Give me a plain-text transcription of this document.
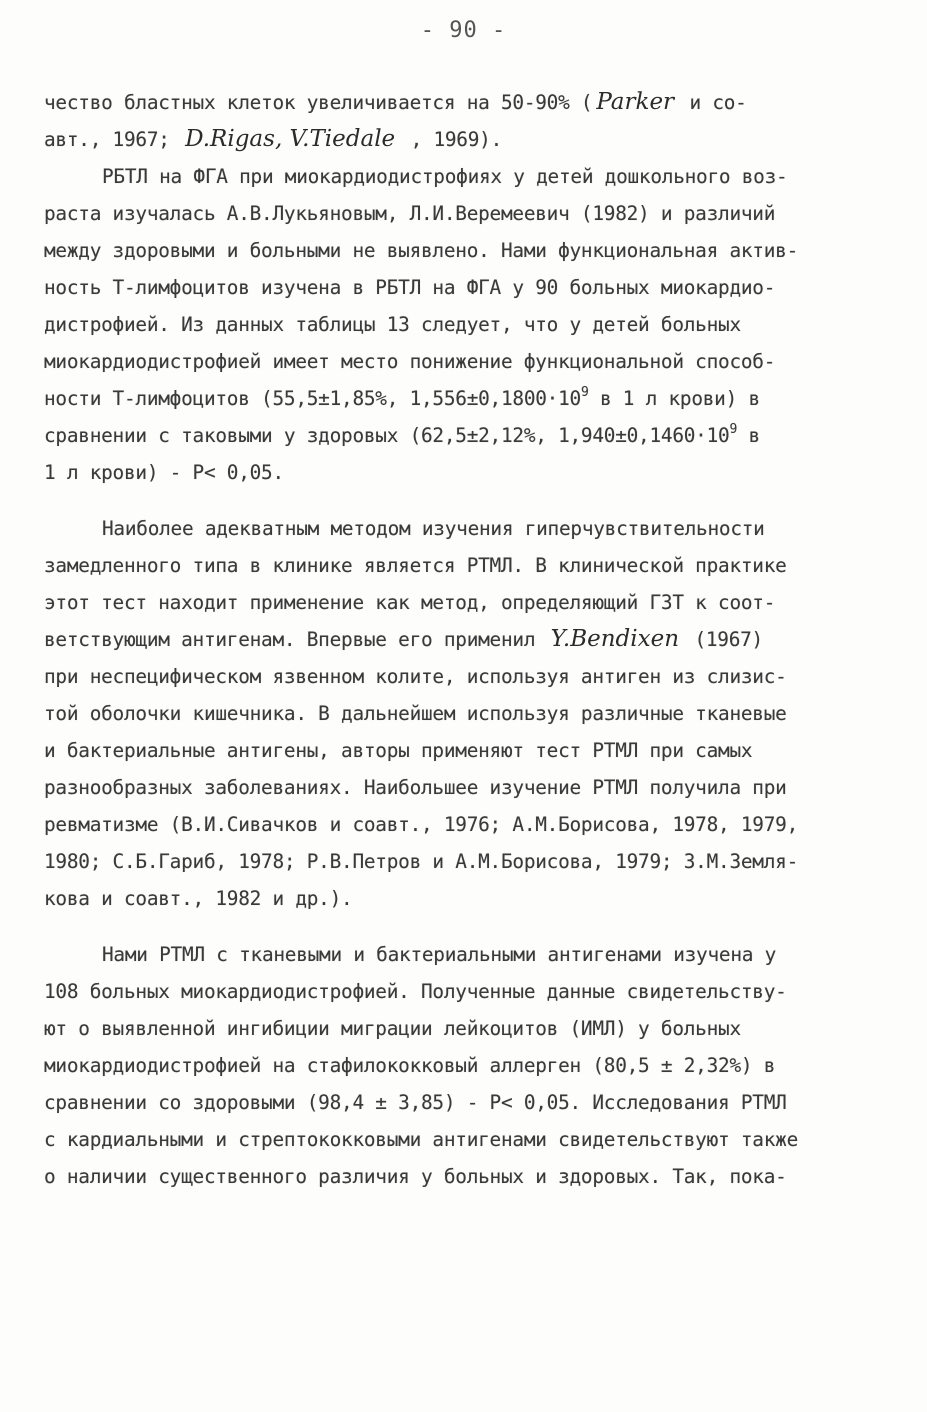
- 90 -
чество бластных клеток увеличивается на 50-90% ( Parker и со-
авт., 1967; D.Rigas, V.Tiedale , 1969).
РБТЛ на ФГА при миокардиодистрофиях у детей дошкольного воз-
раста изучалась А.В.Лукьяновым, Л.И.Веремеевич (1982) и различий
между здоровыми и больными не выявлено. Нами функциональная актив-
ность Т-лимфоцитов изучена в РБТЛ на ФГА у 90 больных миокардио-
дистрофией. Из данных таблицы 13 следует, что у детей больных
миокардиодистрофией имеет место понижение функциональной способ-
ности Т-лимфоцитов (55,5±1,85%, $1,556\pm 0,1800\cdot 10^9$ в 1 л крови) в
сравнении с таковыми у здоровых (62,5±2,12%, $1,940\pm 0,1460\cdot 10^9$ в
1 л крови) - Р< 0,05.
Наиболее адекватным методом изучения гиперчувствительности
замедленного типа в клинике является РТМЛ. В клинической практике
этот тест находит применение как метод, определяющий ГЗТ к соот-
ветствующим антигенам. Впервые его применил Y.Bendixen (1967)
при неспецифическом язвенном колите, используя антиген из слизис-
той оболочки кишечника. В дальнейшем используя различные тканевые
и бактериальные антигены, авторы применяют тест РТМЛ при самых
разнообразных заболеваниях. Наибольшее изучение РТМЛ получила при
ревматизме (В.И.Сивачков и соавт., 1976; А.М.Борисова, 1978, 1979,
1980; С.Б.Гариб, 1978; Р.В.Петров и А.М.Борисова, 1979; З.М.Земля-
кова и соавт., 1982 и др.).
Нами РТМЛ с тканевыми и бактериальными антигенами изучена у
108 больных миокардиодистрофией. Полученные данные свидетельству-
ют о выявленной ингибиции миграции лейкоцитов (ИМЛ) у больных
миокардиодистрофией на стафилококковый аллерген (80,5 ± 2,32%) в
сравнении со здоровыми (98,4 ± 3,85) - Р< 0,05. Исследования РТМЛ
с кардиальными и стрептококковыми антигенами свидетельствуют также
о наличии существенного различия у больных и здоровых. Так, пока-
